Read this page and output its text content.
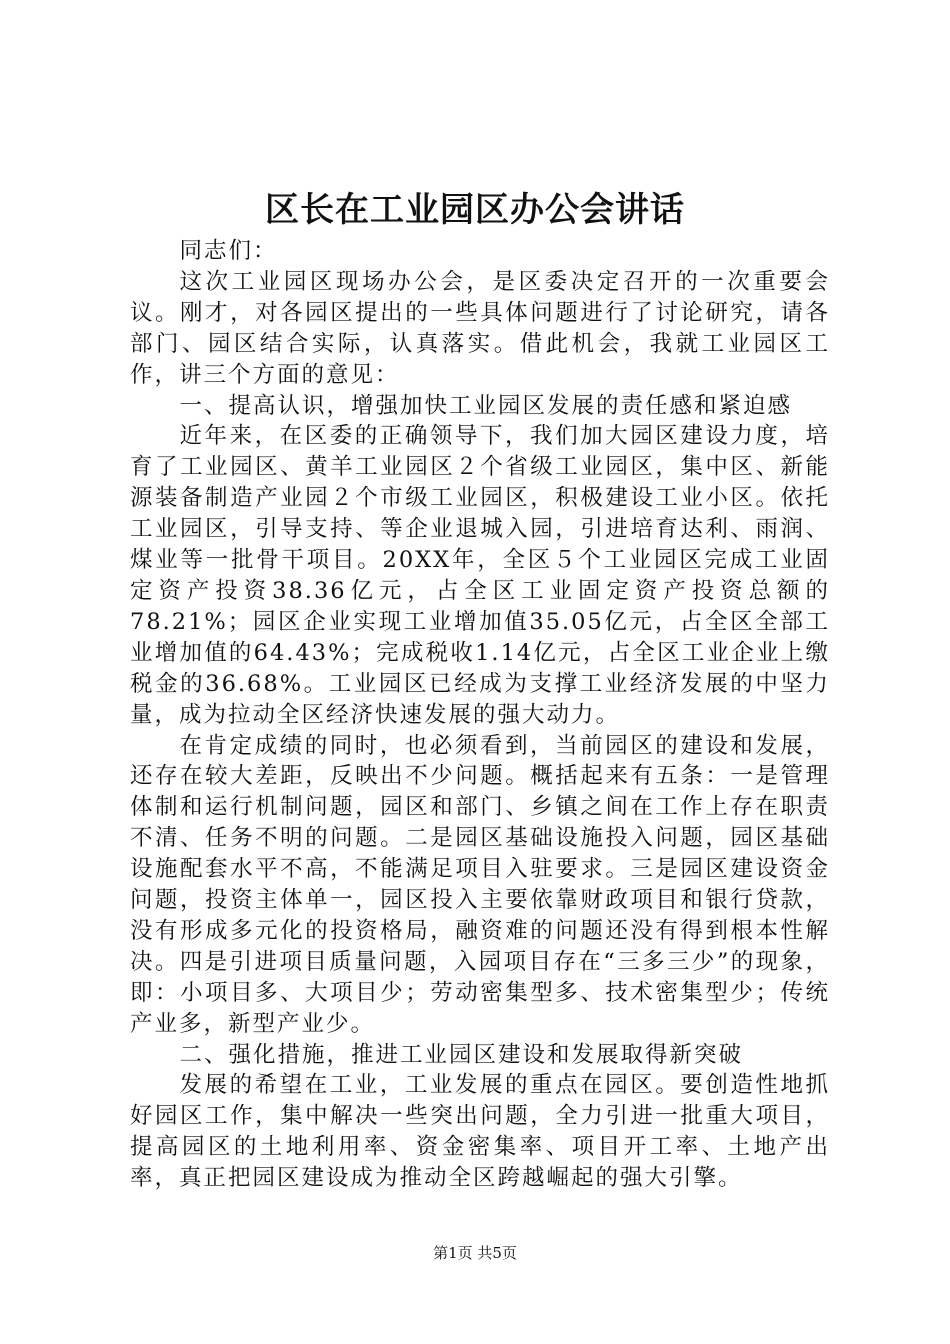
区长在工业园区办公会讲话

同志们：

这次工业园区现场办公会，是区委决定召开的一次重要会议。刚才，对各园区提出的一些具体问题进行了讨论研究，请各部门、园区结合实际，认真落实。借此机会，我就工业园区工作，讲三个方面的意见：

一、提高认识，增强加快工业园区发展的责任感和紧迫感

近年来，在区委的正确领导下，我们加大园区建设力度，培育了工业园区、黄羊工业园区２个省级工业园区，集中区、新能源装备制造产业园２个市级工业园区，积极建设工业小区。依托工业园区，引导支持、等企业退城入园，引进培育达利、雨润、煤业等一批骨干项目。20XX年，全区５个工业园区完成工业固定资产投资38.36亿元，占全区工业固定资产投资总额的78.21%；园区企业实现工业增加值35.05亿元，占全区全部工业增加值的64.43%；完成税收1.14亿元，占全区工业企业上缴税金的36.68%。工业园区已经成为支撑工业经济发展的中坚力量，成为拉动全区经济快速发展的强大动力。

在肯定成绩的同时，也必须看到，当前园区的建设和发展，还存在较大差距，反映出不少问题。概括起来有五条：一是管理体制和运行机制问题，园区和部门、乡镇之间在工作上存在职责不清、任务不明的问题。二是园区基础设施投入问题，园区基础设施配套水平不高，不能满足项目入驻要求。三是园区建设资金问题，投资主体单一，园区投入主要依靠财政项目和银行贷款，没有形成多元化的投资格局，融资难的问题还没有得到根本性解决。四是引进项目质量问题，入园项目存在“三多三少”的现象，即：小项目多、大项目少；劳动密集型多、技术密集型少；传统产业多，新型产业少。

二、强化措施，推进工业园区建设和发展取得新突破

发展的希望在工业，工业发展的重点在园区。要创造性地抓好园区工作，集中解决一些突出问题，全力引进一批重大项目，提高园区的土地利用率、资金密集率、项目开工率、土地产出率，真正把园区建设成为推动全区跨越崛起的强大引擎。

第1页 共5页
